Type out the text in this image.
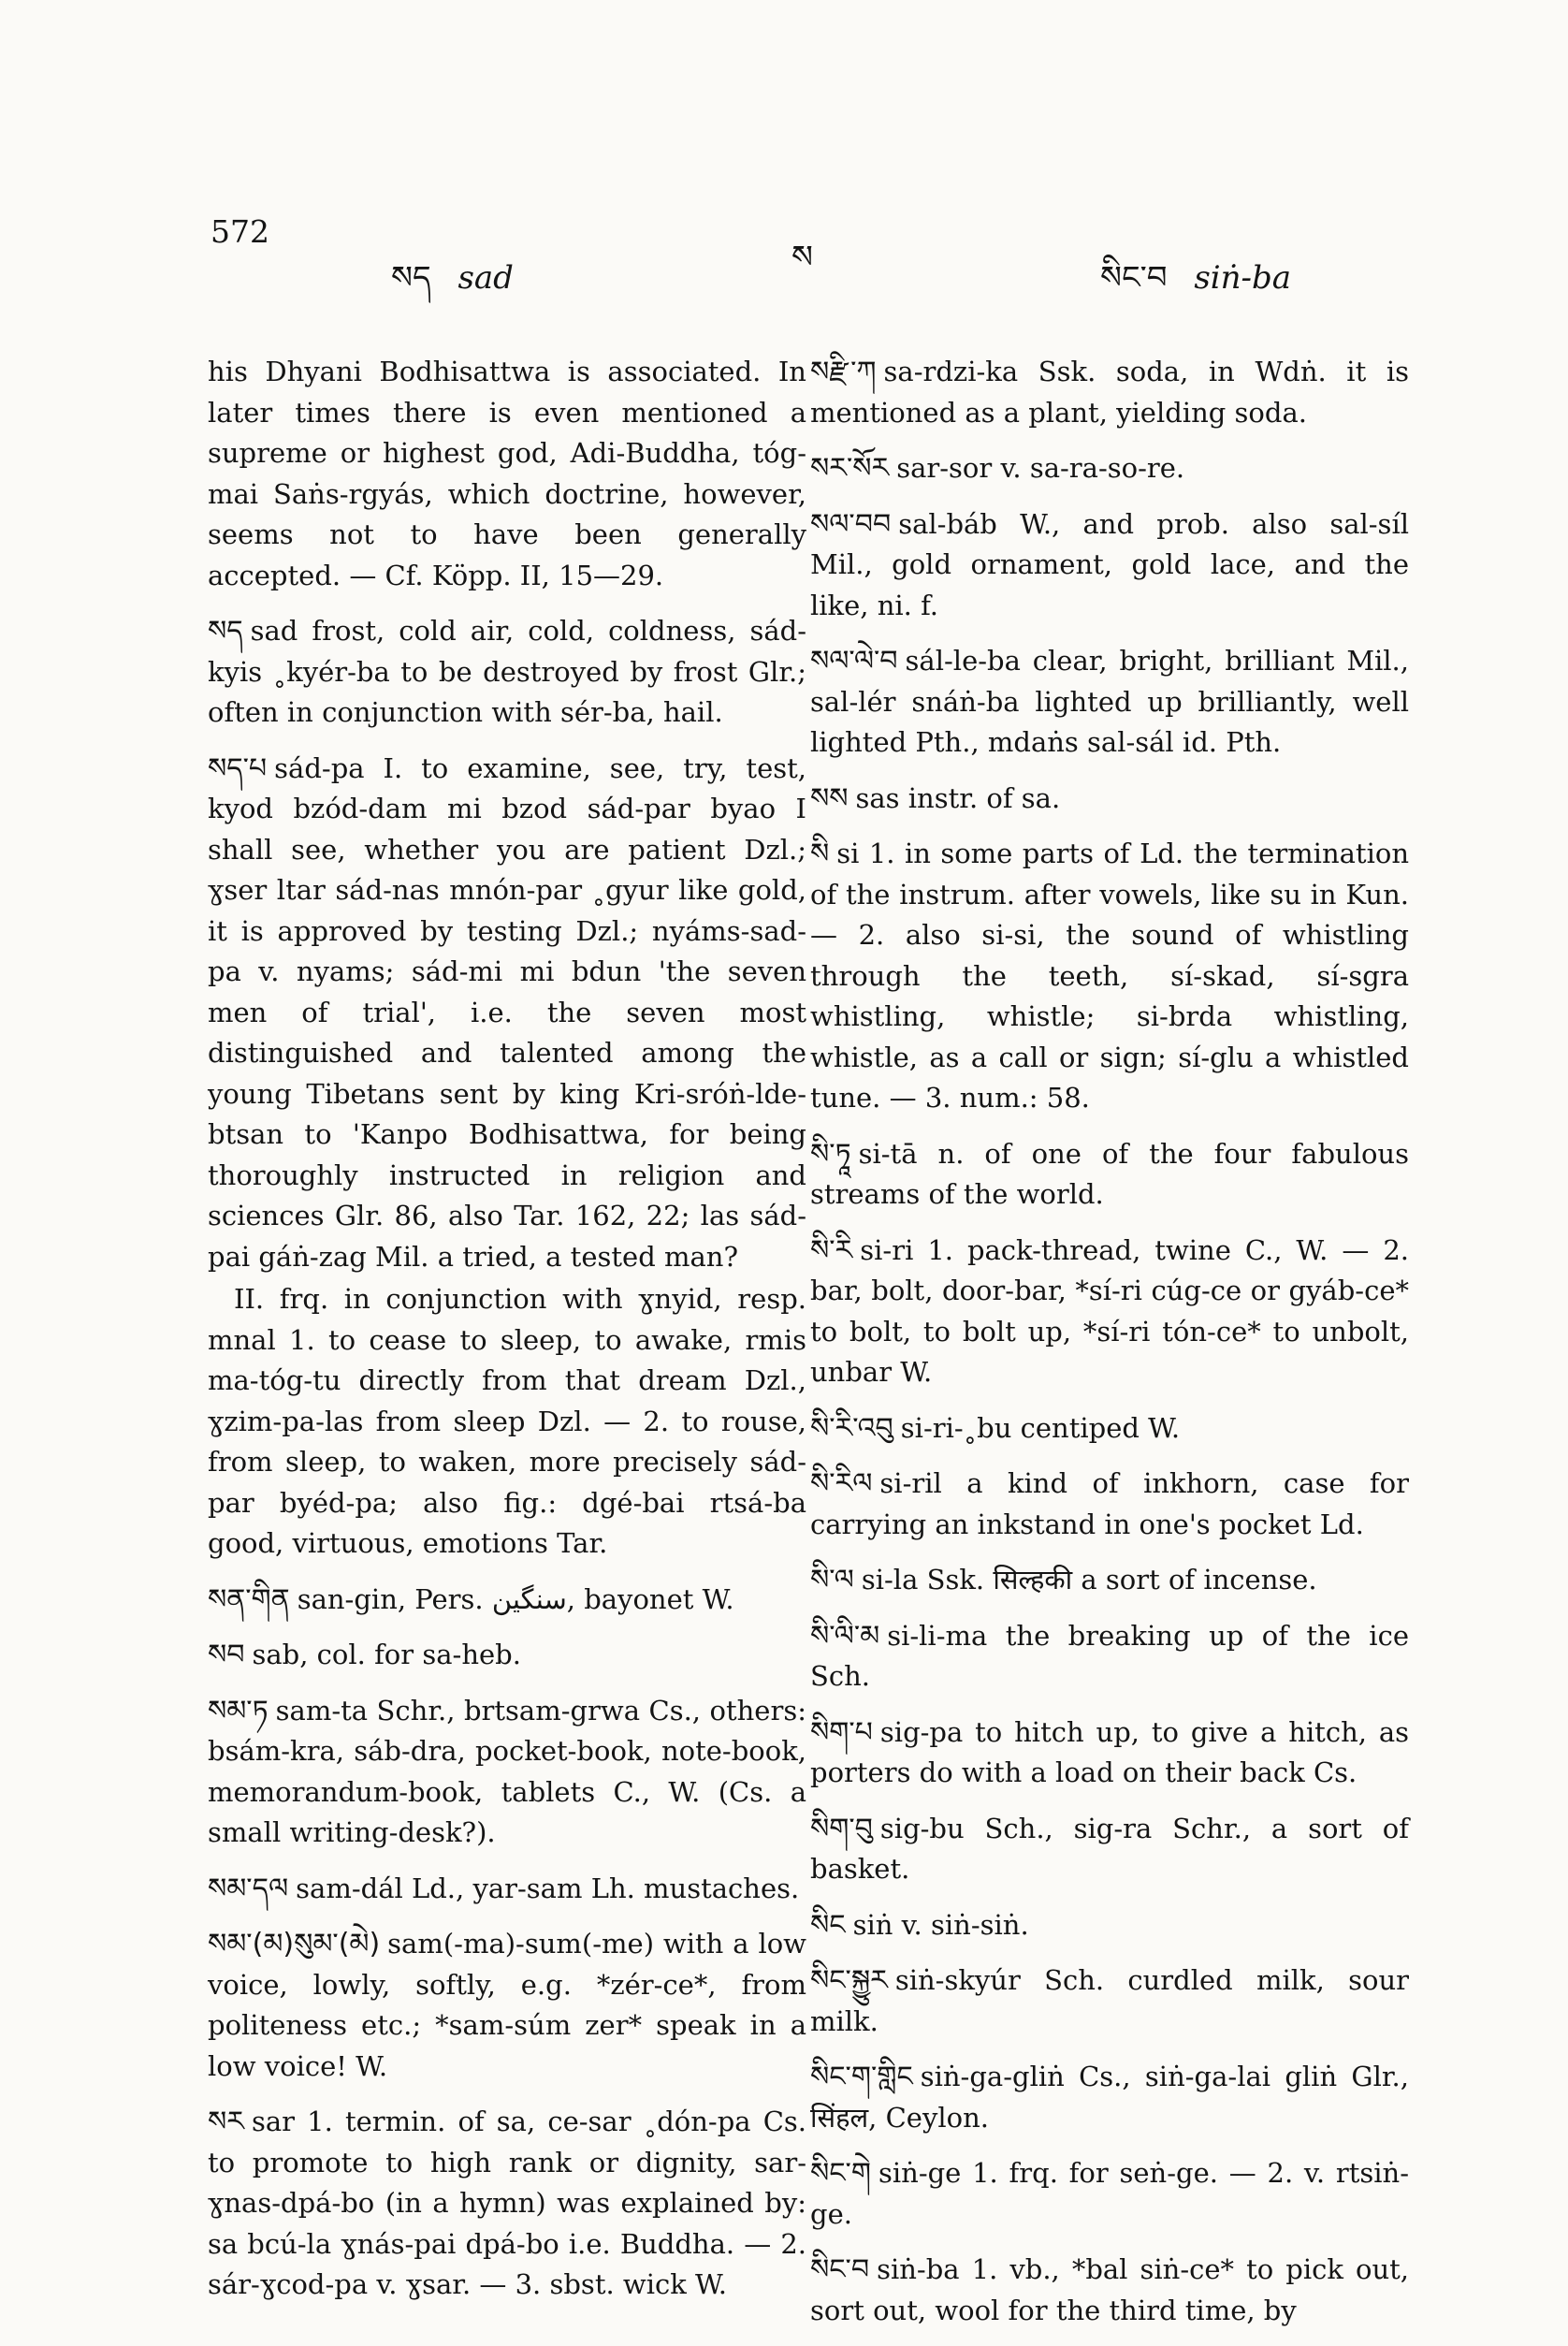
572
སད sad
ས
སིང་བ siṅ-ba

his Dhyani Bodhisattwa is associated. In later times there is even mentioned a supreme or highest god, Adi-Buddha, tóg-mai Saṅs-rgyás, which doctrine, however, seems not to have been generally accepted. — Cf. Köpp. II, 15—29.

སད sad frost, cold air, cold, coldness, sád-kyis ˳kyér-ba to be destroyed by frost Glr.; often in conjunction with sér-ba, hail.

སད་པ sád-pa I. to examine, see, try, test, kyod bzód-dam mi bzod sád-par byao I shall see, whether you are patient Dzl.; ɣser ltar sád-nas mnón-par ˳gyur like gold, it is approved by testing Dzl.; nyáms-sad-pa v. nyams; sád-mi mi bdun 'the seven men of trial', i.e. the seven most distinguished and talented among the young Tibetans sent by king Kri-sróṅ-lde-btsan to 'Kanpo Bodhisattwa, for being thoroughly instructed in religion and sciences Glr. 86, also Tar. 162, 22; las sád-pai gáṅ-zag Mil. a tried, a tested man?

II. frq. in conjunction with ɣnyid, resp. mnal 1. to cease to sleep, to awake, rmis ma-tóg-tu directly from that dream Dzl., ɣzim-pa-las from sleep Dzl. — 2. to rouse, from sleep, to waken, more precisely sád-par byéd-pa; also fig.: dgé-bai rtsá-ba good, virtuous, emotions Tar.

སན་གིན san-gin, Pers. سنگین, bayonet W.

སབ sab, col. for sa-heb.

སམ་ཏ sam-ta Schr., brtsam-grwa Cs., others: bsám-kra, sáb-dra, pocket-book, note-book, memorandum-book, tablets C., W. (Cs. a small writing-desk?).

སམ་དལ sam-dál Ld., yar-sam Lh. mustaches.

སམ་(མ)སུམ་(མེ) sam(-ma)-sum(-me) with a low voice, lowly, softly, e.g. *zér-ce*, from politeness etc.; *sam-súm zer* speak in a low voice! W.

སར sar 1. termin. of sa, ce-sar ˳dón-pa Cs. to promote to high rank or dignity, sar-ɣnas-dpá-bo (in a hymn) was explained by: sa bcú-la ɣnás-pai dpá-bo i.e. Buddha. — 2. sár-ɣcod-pa v. ɣsar. — 3. sbst. wick W.

སརྫི་ཀ sa-rdzi-ka Ssk. soda, in Wdṅ. it is mentioned as a plant, yielding soda.

སར་སོར sar-sor v. sa-ra-so-re.

སལ་བབ sal-báb W., and prob. also sal-síl Mil., gold ornament, gold lace, and the like, ni. f.

སལ་ལེ་བ sál-le-ba clear, bright, brilliant Mil., sal-lér snáṅ-ba lighted up brilliantly, well lighted Pth., mdaṅs sal-sál id. Pth.

སས sas instr. of sa.

སི si 1. in some parts of Ld. the termination of the instrum. after vowels, like su in Kun. — 2. also si-si, the sound of whistling through the teeth, sí-skad, sí-sgra whistling, whistle; si-brda whistling, whistle, as a call or sign; sí-glu a whistled tune. — 3. num.: 58.

སི་ཏཱ si-tā n. of one of the four fabulous streams of the world.

སི་རི si-ri 1. pack-thread, twine C., W. — 2. bar, bolt, door-bar, *sí-ri cúg-ce or gyáb-ce* to bolt, to bolt up, *sí-ri tón-ce* to unbolt, unbar W.

སི་རི་འབུ si-ri-˳bu centiped W.

སི་རིལ si-ril a kind of inkhorn, case for carrying an inkstand in one's pocket Ld.

སི་ལ si-la Ssk. सिल्हकी a sort of incense.

སི་ལི་མ si-li-ma the breaking up of the ice Sch.

སིག་པ sig-pa to hitch up, to give a hitch, as porters do with a load on their back Cs.

སིག་བུ sig-bu Sch., sig-ra Schr., a sort of basket.

སིང siṅ v. siṅ-siṅ.

སིང་སྐྱུར siṅ-skyúr Sch. curdled milk, sour milk.

སིང་ག་གླིང siṅ-ga-gliṅ Cs., siṅ-ga-lai gliṅ Glr., सिंहल, Ceylon.

སིང་གེ siṅ-ge 1. frq. for seṅ-ge. — 2. v. rtsiṅ-ge.

སིང་བ siṅ-ba 1. vb., *bal siṅ-ce* to pick out, sort out, wool for the third time, by
